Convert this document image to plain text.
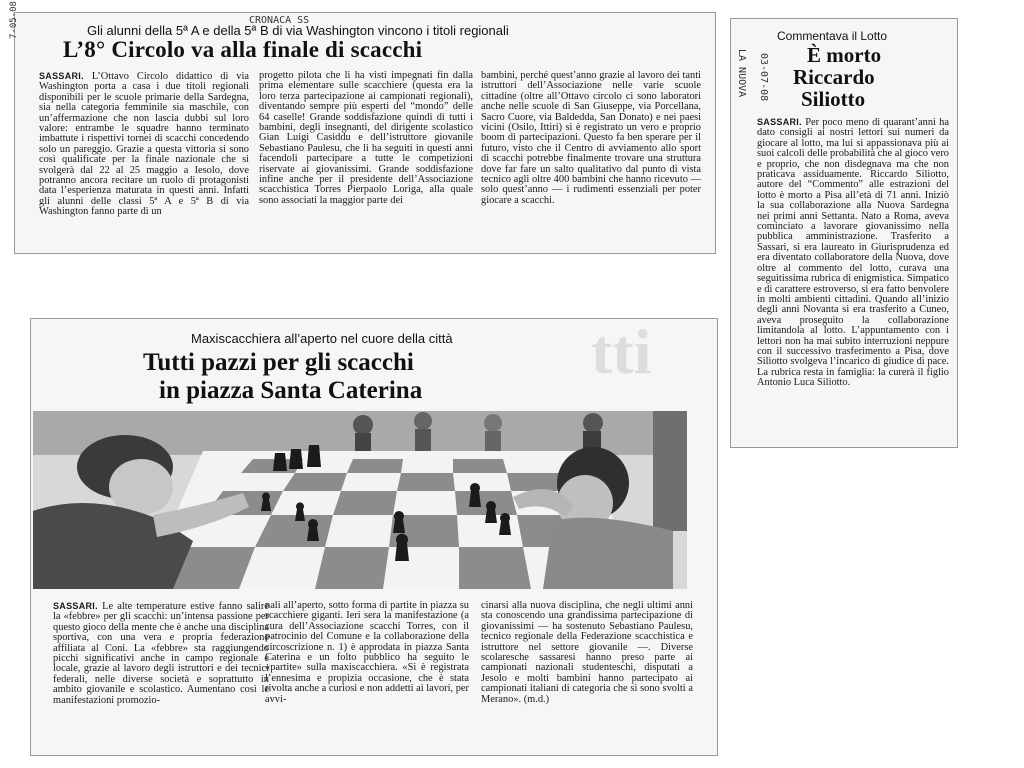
7-05-08	CRONACA SS
Gli alunni della 5ª A e della 5ª B di via Washington vincono i titoli regionali
L’8° Circolo va alla finale di scacchi
SASSARI. L’Ottavo Circolo didattico di via Washington porta a casa i due titoli regionali disponibili per le scuole primarie della Sardegna, sia nella categoria femminile sia maschile, con un’affermazione che non lascia dubbi sul loro valore: entrambe le squadre hanno terminato imbattute i rispettivi tornei di scacchi concedendo solo un pareggio. Grazie a questa vittoria si sono così qualificate per la finale nazionale che si svolgerà dal 22 al 25 maggio a Iesolo, dove potranno ancora recitare un ruolo di protagonisti data l’esperienza maturata in questi anni. Infatti gli alunni delle classi 5ª A e 5ª B di via Washington fanno parte di un
progetto pilota che li ha visti impegnati fin dalla prima elementare sulle scacchiere (questa era la loro terza partecipazione ai campionati regionali), diventando sempre più esperti del “mondo” delle 64 caselle! Grande soddisfazione quindi di tutti i bambini, degli insegnanti, del dirigente scolastico Gian Luigi Casiddu e dell’istruttore giovanile Sebastiano Paulesu, che li ha seguiti in questi anni facendoli partecipare a tutte le competizioni riservate ai giovanissimi. Grande soddisfazione infine anche per il presidente dell’Associazione scacchistica Torres Pierpaolo Loriga, alla quale sono associati la maggior parte dei
bambini, perché quest’anno grazie al lavoro dei tanti istruttori dell’Associazione nelle varie scuole cittadine (oltre all’Ottavo circolo ci sono laboratori anche nelle scuole di San Giuseppe, via Porcellana, Sacro Cuore, via Baldedda, San Donato) e nei paesi vicini (Osilo, Ittiri) si è registrato un vero e proprio boom di partecipazioni. Questo fa ben sperare per il futuro, visto che il Centro di avviamento allo sport di scacchi potrebbe finalmente trovare una struttura dove far fare un salto qualitativo dal punto di vista tecnico agli oltre 400 bambini che hanno ricevuto — solo quest’anno — i rudimenti essenziali per poter giocare a scacchi.
LA NUOVA 03-07-08
Commentava il Lotto
È morto
Riccardo
Siliotto
SASSARI. Per poco meno di quarant’anni ha dato consigli ai nostri lettori sui numeri da giocare al lotto, ma lui si appassionava più ai suoi calcoli delle probabilità che al gioco vero e proprio, che non disdegnava ma che non praticava assiduamente. Riccardo Siliotto, autore del “Commento” alle estrazioni del lotto è morto a Pisa all’età di 71 anni. Iniziò la sua collaborazione alla Nuova Sardegna nei primi anni Settanta. Nato a Roma, aveva cominciato a lavorare giovanissimo nella pubblica amministrazione. Trasferito a Sassari, si era laureato in Giurisprudenza ed era diventato collaboratore della Nuova, dove oltre al commento del lotto, curava una seguitissima rubrica di enigmistica. Simpatico e di carattere estroverso, si era fatto benvolere in molti ambienti cittadini. Quando all’inizio degli anni Novanta si era trasferito a Cuneo, aveva proseguito la collaborazione limitandola al lotto. L’appuntamento con i lettori non ha mai subito interruzioni neppure con il successivo trasferimento a Pisa, dove Siliotto svolgeva l’incarico di giudice di pace. La rubrica resta in famiglia: la curerà il figlio Antonio Luca Siliotto.
tti
Maxiscacchiera all’aperto nel cuore della città
Tutti pazzi per gli scacchi
in piazza Santa Caterina
SASSARI. Le alte temperature estive fanno salire la «febbre» per gli scacchi: un’intensa passione per questo gioco della mente che è anche una disciplina sportiva, con una vera e propria federazione affiliata al Coni. La «febbre» sta raggiungendo picchi significativi anche in campo regionale e locale, grazie al lavoro degli istruttori e dei tecnici federali, nelle diverse società e soprattutto in ambito giovanile e scolastico. Aumentano così le manifestazioni promozio-
nali all’aperto, sotto forma di partite in piazza su scacchiere giganti. Ieri sera la manifestazione (a cura dell’Associazione scacchi Torres, con il patrocinio del Comune e la collaborazione della circoscrizione n. 1) è approdata in piazza Santa Caterina e un folto pubblico ha seguito le «partite» sulla maxiscacchiera. «Si è registrata l’ennesima e propizia occasione, che è stata rivolta anche a curiosi e non addetti ai lavori, per avvi-
cinarsi alla nuova disciplina, che negli ultimi anni sta conoscendo una grandissima partecipazione di giovanissimi — ha sostenuto Sebastiano Paulesu, tecnico regionale della Federazione scacchistica e istruttore nel settore giovanile —. Diverse scolaresche sassaresi hanno preso parte ai campionati nazionali studenteschi, disputati a Jesolo e molti bambini hanno partecipato ai campionati italiani di categoria che si sono svolti a Merano». (m.d.)
